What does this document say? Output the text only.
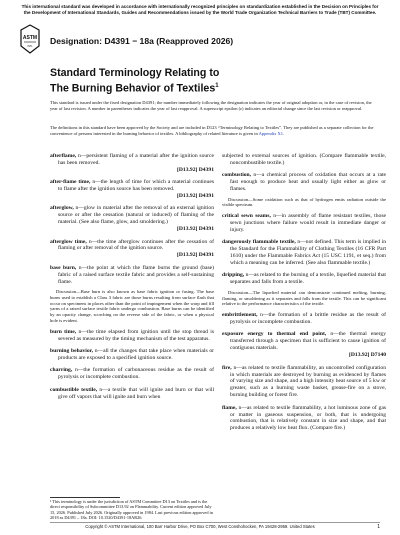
This international standard was developed in accordance with internationally recognized principles on standardization established in the Decision on Principles for the Development of International Standards, Guides and Recommendations issued by the World Trade Organization Technical Barriers to Trade (TBT) Committee.
ASTM
INTL
Designation: D4391 − 18a (Reapproved 2026)
Standard Terminology Relating to
The Burning Behavior of Textiles$^1$
This standard is issued under the fixed designation D4391; the number immediately following the designation indicates the year of original adoption or, in the case of revision, the year of last revision. A number in parentheses indicates the year of last reapproval. A superscript epsilon (ε) indicates an editorial change since the last revision or reapproval.
The definitions in this standard have been approved by the Society and are included in D123 “Terminology Relating to Textiles”. They are published as a separate collection for the convenience of persons interested in the burning behavior of textiles. A bibliography of related literature is given in Appendix X1.
afterflame, n—persistent flaming of a material after the ignition source has been removed.
[D13.92] D4391
after-flame time, n—the length of time for which a material continues to flame after the ignition source has been removed.
[D13.92] D4391
afterglow, n—glow in material after the removal of an external ignition source or after the cessation (natural or induced) of flaming of the material. (See also flame, glow, and smoldering.)
[D13.92] D4391
afterglow time, n—the time afterglow continues after the cessation of flaming or after removal of the ignition source.
[D13.92] D4391
base burn, n—the point at which the flame burns the ground (base) fabric of a raised surface textile fabric and provides a self-sustaining flame.
Discussion—Base burn is also known as base fabric ignition or fusing. The base burns used to establish a Class 3 fabric are those burns resulting from surface flash that occur on specimens in places other than the point of impingement when the warp and fill yarns of a raised surface textile fabric undergo combustion. Base burns can be identified by an opacity change, scorching on the reverse side of the fabric, or when a physical hole is evident.
burn time, n—the time elapsed from ignition until the stop thread is severed as measured by the timing mechanism of the test apparatus.
burning behavior, n—all the changes that take place when materials or products are exposed to a specified ignition source.
charring, n—the formation of carbonaceous residue as the result of pyrolysis or incomplete combustion.
combustible textile, n—a textile that will ignite and burn or that will give off vapors that will ignite and burn when
subjected to external sources of ignition. (Compare flammable textile, noncombustible textile.)
combustion, n—a chemical process of oxidation that occurs at a rate fast enough to produce heat and usually light either as glow or flames.
Discussion—Some oxidation such as that of hydrogen emits radiation outside the visible spectrum.
critical sewn seams, n—in assembly of flame resistant textiles, those sewn junctions where failure would result in immediate danger or injury.
dangerously flammable textile, n—not defined. This term is implied in the Standard for the Flammability of Clothing Textiles (16 CFR Part 1610) under the Flammable Fabrics Act (15 USC 1191, et seq.) from which a meaning can be inferred. (See also flammable textile.)
dripping, n—as related to the burning of a textile, liquefied material that separates and falls from a textile.
Discussion—The liquefied material can demonstrate continued melting, burning, flaming, or smoldering as it separates and falls from the textile. This can be significant relative to the performance characteristics of the textile.
embrittlement, n—the formation of a brittle residue as the result of pyrolysis or incomplete combustion.
exposure energy to thermal end point, n—the thermal energy transferred through a specimen that is sufficient to cause ignition of contiguous materials.
[D13.92] D7140
fire, n—as related to textile flammability, an uncontrolled configuration in which materials are destroyed by burning as evidenced by flames of varying size and shape, and a high intensity heat source of 5 kw or greater, such as a burning waste basket, grease-fire on a stove, burning building or forest fire.
flame, n—as related to textile flammability, a hot luminous zone of gas or matter in gaseous suspension, or both, that is undergoing combustion, that is relatively constant in size and shape, and that produces a relatively low heat flux. (Compare fire.)
¹ This terminology is under the jurisdiction of ASTM Committee D13 on Textiles and is the direct responsibility of Subcommittee D13.92 on Flammability. Current edition approved July 15, 2026. Published July 2026. Originally approved in 1984. Last previous edition approved in 2018 as D4391 – 18a. DOI: 10.1520/D4391-18AR26.
Copyright © ASTM International, 100 Barr Harbor Drive, PO Box C700, West Conshohocken, PA 19428-2959. United States	1
